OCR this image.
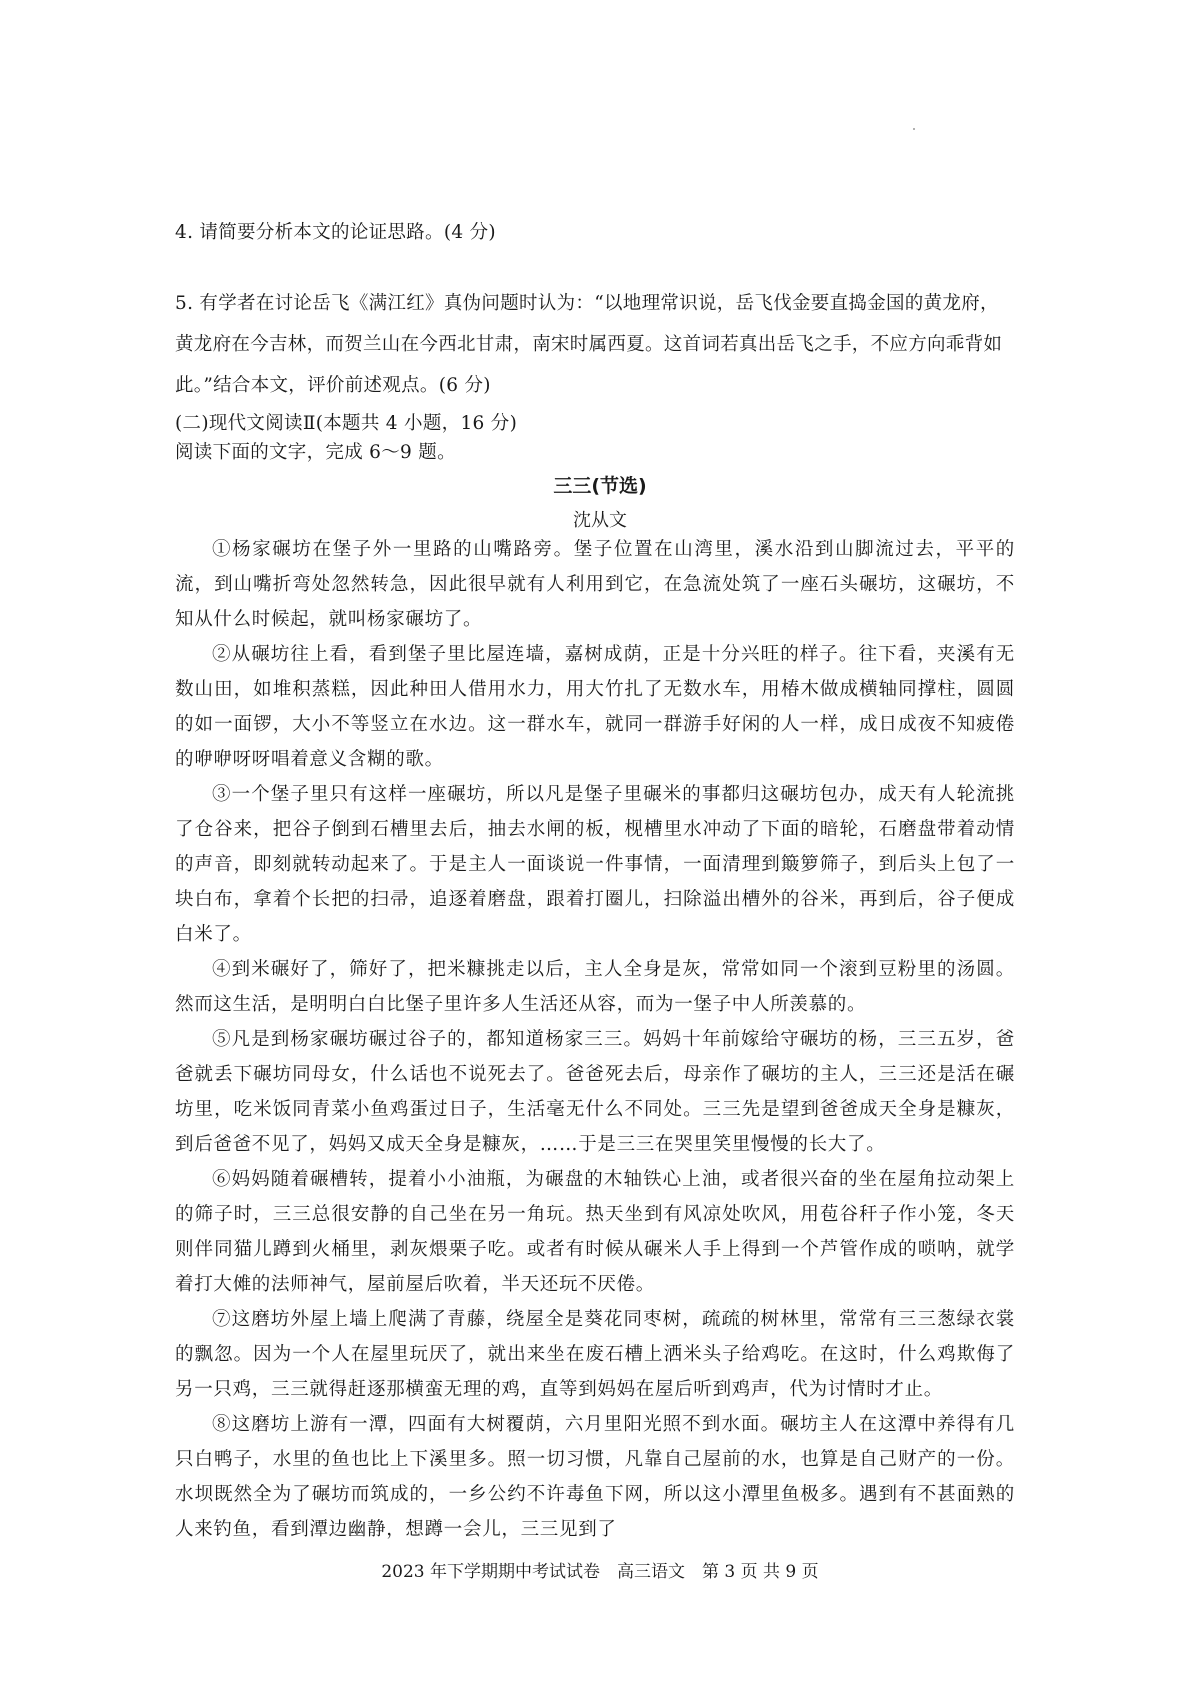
4. 请简要分析本文的论证思路。(4 分)

5. 有学者在讨论岳飞《满江红》真伪问题时认为：“以地理常识说，岳飞伐金要直捣金国的黄龙府，黄龙府在今吉林，而贺兰山在今西北甘肃，南宋时属西夏。这首词若真出岳飞之手，不应方向乖背如此。”结合本文，评价前述观点。(6 分)

(二)现代文阅读Ⅱ(本题共 4 小题，16 分)

阅读下面的文字，完成 6～9 题。

三三(节选)

沈从文

①杨家碾坊在堡子外一里路的山嘴路旁。堡子位置在山湾里，溪水沿到山脚流过去，平平的流，到山嘴折弯处忽然转急，因此很早就有人利用到它，在急流处筑了一座石头碾坊，这碾坊，不知从什么时候起，就叫杨家碾坊了。

②从碾坊往上看，看到堡子里比屋连墙，嘉树成荫，正是十分兴旺的样子。往下看，夹溪有无数山田，如堆积蒸糕，因此种田人借用水力，用大竹扎了无数水车，用椿木做成横轴同撑柱，圆圆的如一面锣，大小不等竖立在水边。这一群水车，就同一群游手好闲的人一样，成日成夜不知疲倦的咿咿呀呀唱着意义含糊的歌。

③一个堡子里只有这样一座碾坊，所以凡是堡子里碾米的事都归这碾坊包办，成天有人轮流挑了仓谷来，把谷子倒到石槽里去后，抽去水闸的板，枧槽里水冲动了下面的暗轮，石磨盘带着动情的声音，即刻就转动起来了。于是主人一面谈说一件事情，一面清理到簸箩筛子，到后头上包了一块白布，拿着个长把的扫帚，追逐着磨盘，跟着打圈儿，扫除溢出槽外的谷米，再到后，谷子便成白米了。

④到米碾好了，筛好了，把米糠挑走以后，主人全身是灰，常常如同一个滚到豆粉里的汤圆。然而这生活，是明明白白比堡子里许多人生活还从容，而为一堡子中人所羡慕的。

⑤凡是到杨家碾坊碾过谷子的，都知道杨家三三。妈妈十年前嫁给守碾坊的杨，三三五岁，爸爸就丢下碾坊同母女，什么话也不说死去了。爸爸死去后，母亲作了碾坊的主人，三三还是活在碾坊里，吃米饭同青菜小鱼鸡蛋过日子，生活毫无什么不同处。三三先是望到爸爸成天全身是糠灰，到后爸爸不见了，妈妈又成天全身是糠灰，……于是三三在哭里笑里慢慢的长大了。

⑥妈妈随着碾槽转，提着小小油瓶，为碾盘的木轴铁心上油，或者很兴奋的坐在屋角拉动架上的筛子时，三三总很安静的自己坐在另一角玩。热天坐到有风凉处吹风，用苞谷秆子作小笼，冬天则伴同猫儿蹲到火桶里，剥灰煨栗子吃。或者有时候从碾米人手上得到一个芦管作成的唢呐，就学着打大傩的法师神气，屋前屋后吹着，半天还玩不厌倦。

⑦这磨坊外屋上墙上爬满了青藤，绕屋全是葵花同枣树，疏疏的树林里，常常有三三葱绿衣裳的飘忽。因为一个人在屋里玩厌了，就出来坐在废石槽上洒米头子给鸡吃。在这时，什么鸡欺侮了另一只鸡，三三就得赶逐那横蛮无理的鸡，直等到妈妈在屋后听到鸡声，代为讨情时才止。

⑧这磨坊上游有一潭，四面有大树覆荫，六月里阳光照不到水面。碾坊主人在这潭中养得有几只白鸭子，水里的鱼也比上下溪里多。照一切习惯，凡靠自己屋前的水，也算是自己财产的一份。水坝既然全为了碾坊而筑成的，一乡公约不许毒鱼下网，所以这小潭里鱼极多。遇到有不甚面熟的人来钓鱼，看到潭边幽静，想蹲一会儿，三三见到了

2023 年下学期期中考试试卷　高三语文　第 3 页 共 9 页
